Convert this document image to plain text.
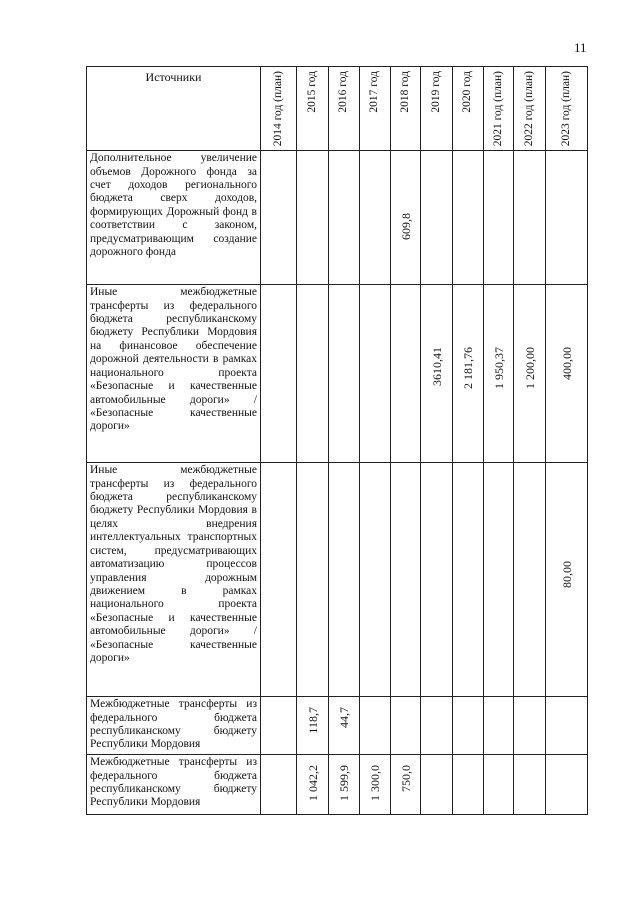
11
Источники	2014 год (план)	2015 год	2016 год	2017 год	2018 год	2019 год	2020 год	2021 год (план)	2022 год (план)	2023 год (план)

Дополнительное увеличение объемов Дорожного фонда за счет доходов регионального бюджета сверх доходов, формирующих Дорожный фонд в соответствии с законом, предусматривающим создание дорожного фонда					609,8					

Иные межбюджетные трансферты из федерального бюджета республиканскому бюджету Республики Мордовия на финансовое обеспечение дорожной деятельности в рамках национального проекта «Безопасные и качественные автомобильные дороги» / «Безопасные качественные дороги»						3610,41	2 181,76	1 950,37	1 200,00	400,00

Иные межбюджетные трансферты из федерального бюджета республиканскому бюджету Республики Мордовия в целях внедрения интеллектуальных транспортных систем, предусматривающих автоматизацию процессов управления дорожным движением в рамках национального проекта «Безопасные и качественные автомобильные дороги» / «Безопасные качественные дороги»										80,00

Межбюджетные трансферты из федерального бюджета республиканскому бюджету Республики Мордовия		118,7	44,7							

Межбюджетные трансферты из федерального бюджета республиканскому бюджету Республики Мордовия		1 042,2	1 599,9	1 300,0	750,0					
